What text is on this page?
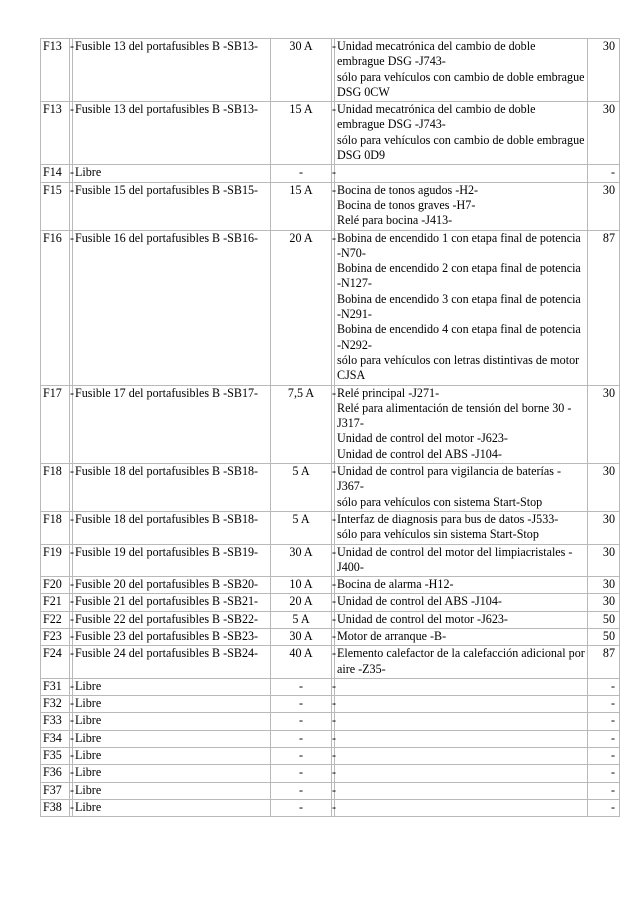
F13	-	Fusible 13 del portafusibles B -SB13-	30 A	-	Unidad mecatrónica del cambio de doble embrague DSG -J743-
sólo para vehículos con cambio de doble embrague DSG 0CW	30
F13	-	Fusible 13 del portafusibles B -SB13-	15 A	-	Unidad mecatrónica del cambio de doble embrague DSG -J743-
sólo para vehículos con cambio de doble embrague DSG 0D9	30
F14	-	Libre	-	-		-
F15	-	Fusible 15 del portafusibles B -SB15-	15 A	-	Bocina de tonos agudos -H2-
Bocina de tonos graves -H7-
Relé para bocina -J413-	30
F16	-	Fusible 16 del portafusibles B -SB16-	20 A	-	Bobina de encendido 1 con etapa final de potencia -N70-
Bobina de encendido 2 con etapa final de potencia -N127-
Bobina de encendido 3 con etapa final de potencia -N291-
Bobina de encendido 4 con etapa final de potencia -N292-
sólo para vehículos con letras distintivas de motor CJSA	87
F17	-	Fusible 17 del portafusibles B -SB17-	7,5 A	-	Relé principal -J271-
Relé para alimentación de tensión del borne 30 -J317-
Unidad de control del motor -J623-
Unidad de control del ABS -J104-	30
F18	-	Fusible 18 del portafusibles B -SB18-	5 A	-	Unidad de control para vigilancia de baterías -J367-
sólo para vehículos con sistema Start-Stop	30
F18	-	Fusible 18 del portafusibles B -SB18-	5 A	-	Interfaz de diagnosis para bus de datos -J533-
sólo para vehículos sin sistema Start-Stop	30
F19	-	Fusible 19 del portafusibles B -SB19-	30 A	-	Unidad de control del motor del limpiacristales -J400-	30
F20	-	Fusible 20 del portafusibles B -SB20-	10 A	-	Bocina de alarma -H12-	30
F21	-	Fusible 21 del portafusibles B -SB21-	20 A	-	Unidad de control del ABS -J104-	30
F22	-	Fusible 22 del portafusibles B -SB22-	5 A	-	Unidad de control del motor -J623-	50
F23	-	Fusible 23 del portafusibles B -SB23-	30 A	-	Motor de arranque -B-	50
F24	-	Fusible 24 del portafusibles B -SB24-	40 A	-	Elemento calefactor de la calefacción adicional por aire -Z35-	87
F31	-	Libre	-	-		-
F32	-	Libre	-	-		-
F33	-	Libre	-	-		-
F34	-	Libre	-	-		-
F35	-	Libre	-	-		-
F36	-	Libre	-	-		-
F37	-	Libre	-	-		-
F38	-	Libre	-	-		-
